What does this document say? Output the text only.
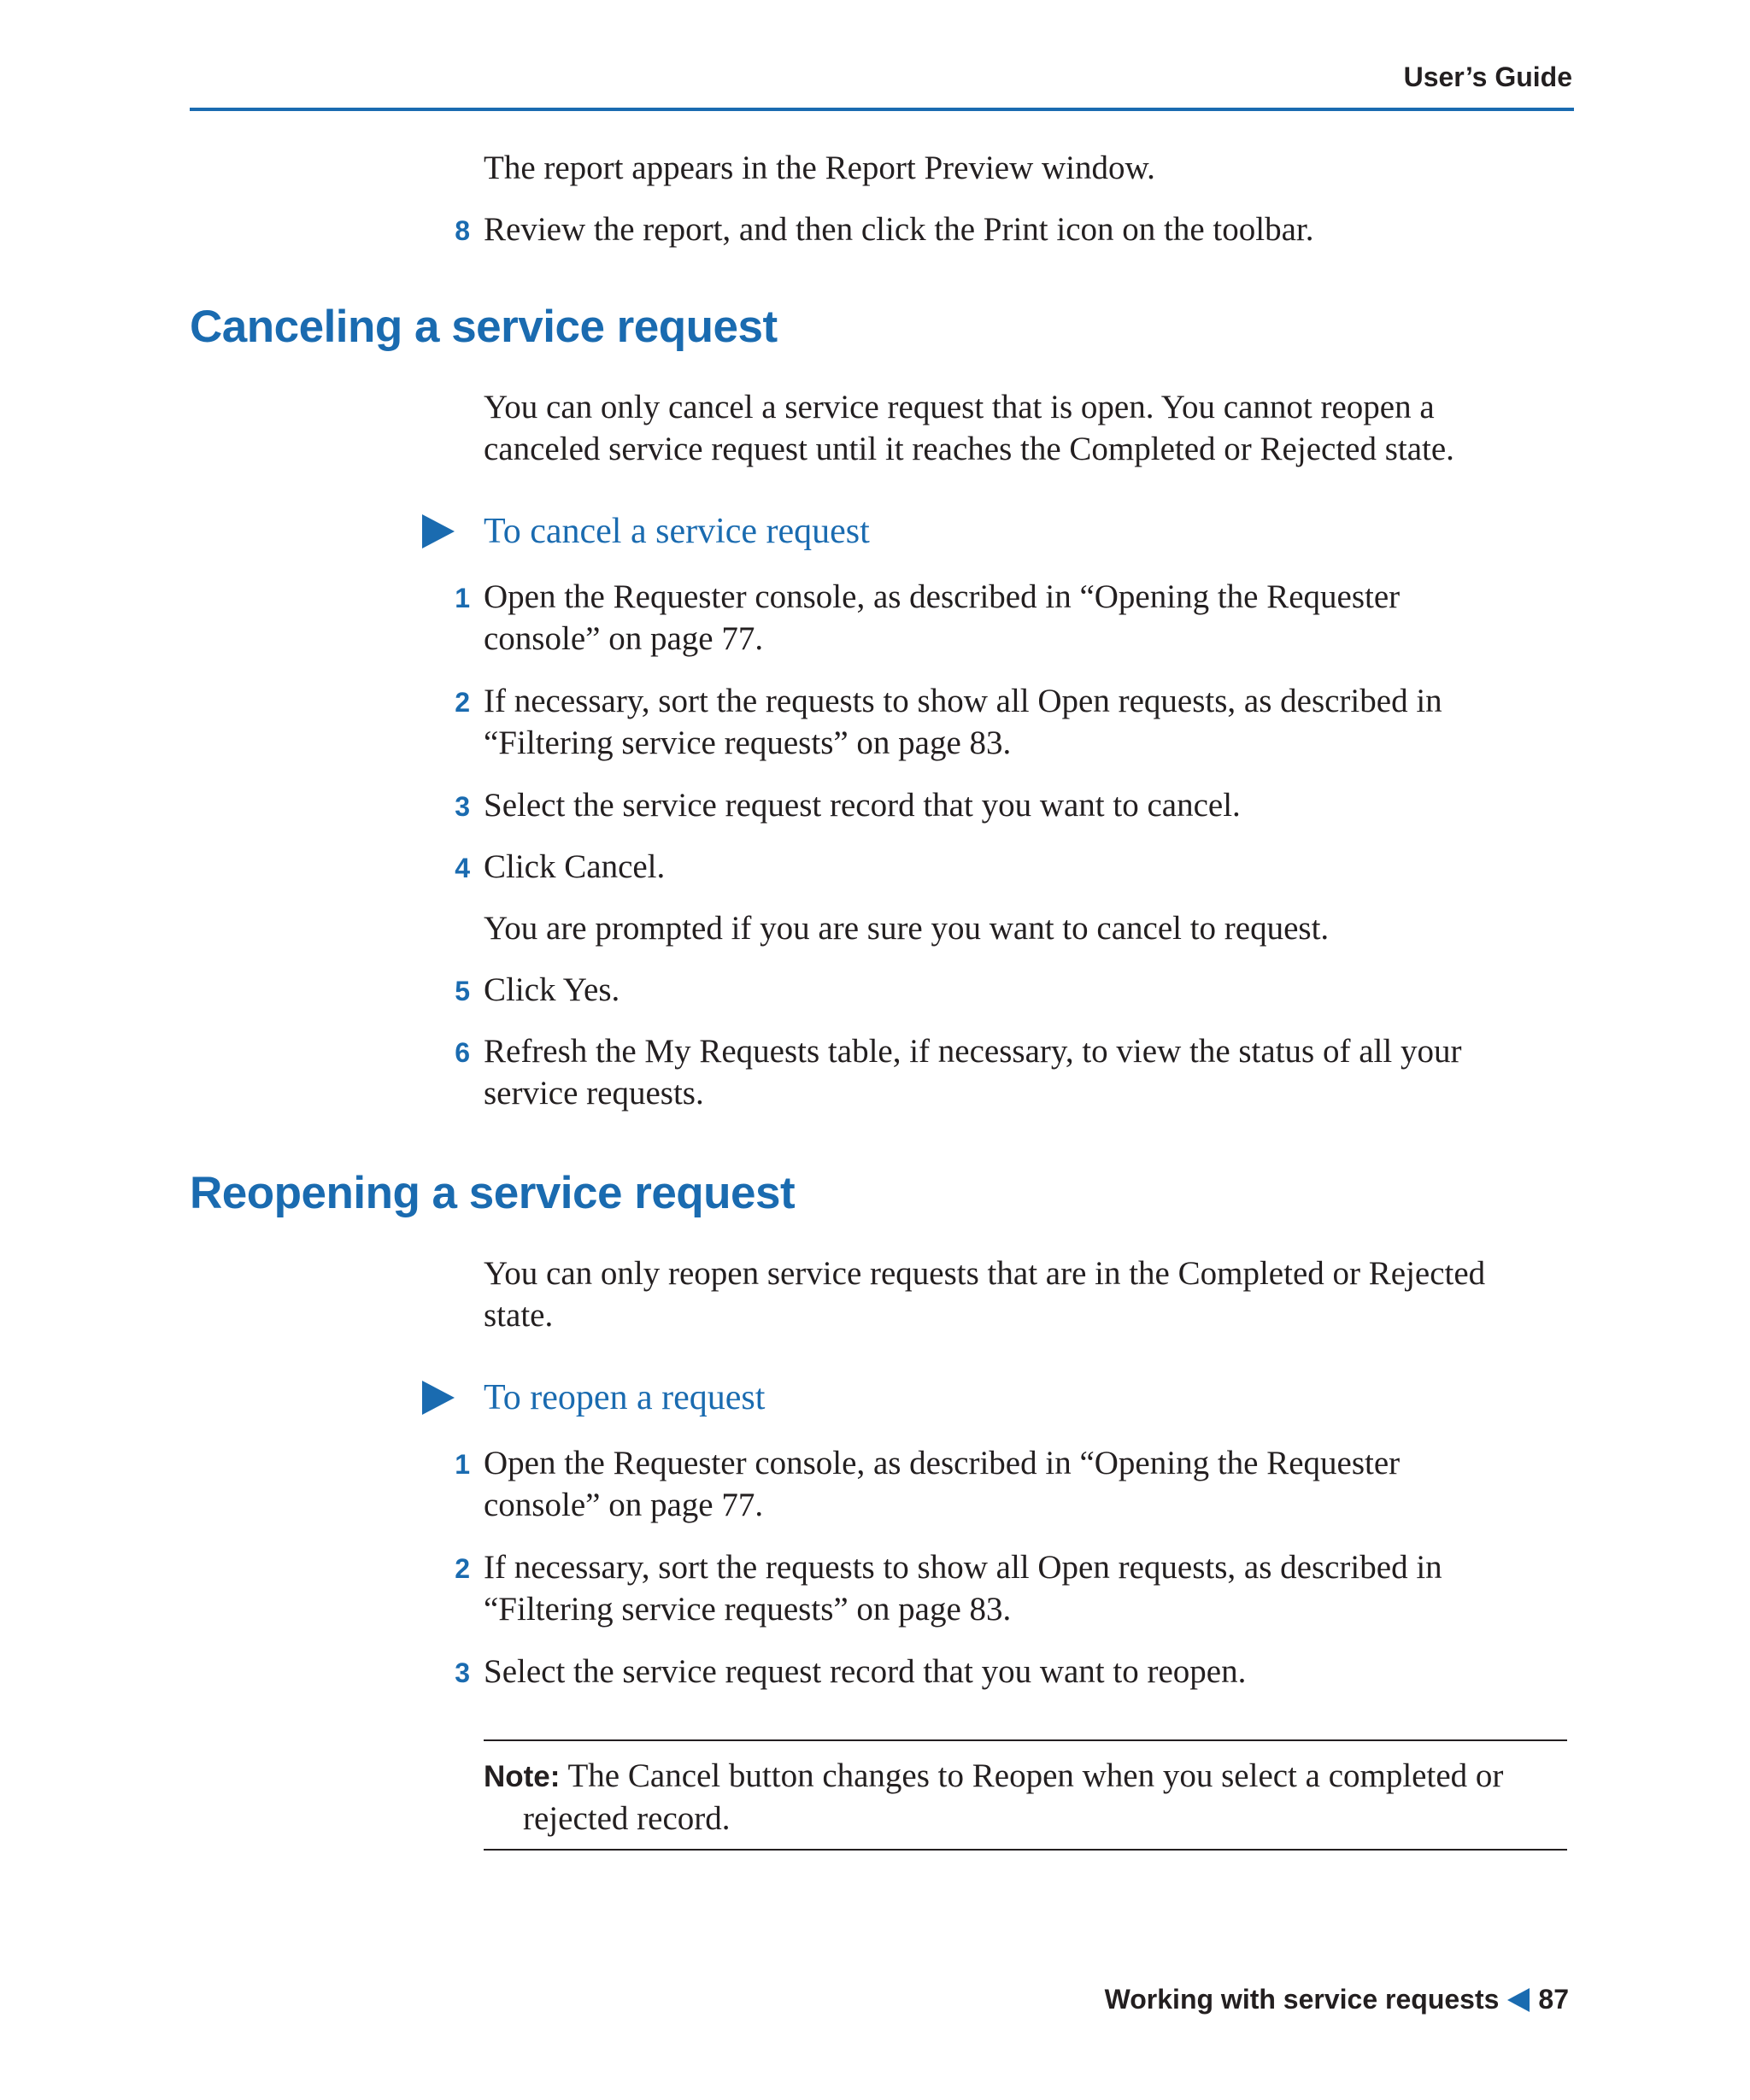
User’s Guide
The report appears in the Report Preview window.
8 Review the report, and then click the Print icon on the toolbar.
Canceling a service request
You can only cancel a service request that is open. You cannot reopen a
canceled service request until it reaches the Completed or Rejected state.
To cancel a service request
1 Open the Requester console, as described in “Opening the Requester
console” on page 77.
2 If necessary, sort the requests to show all Open requests, as described in
“Filtering service requests” on page 83.
3 Select the service request record that you want to cancel.
4 Click Cancel.
You are prompted if you are sure you want to cancel to request.
5 Click Yes.
6 Refresh the My Requests table, if necessary, to view the status of all your
service requests.
Reopening a service request
You can only reopen service requests that are in the Completed or Rejected
state.
To reopen a request
1 Open the Requester console, as described in “Opening the Requester
console” on page 77.
2 If necessary, sort the requests to show all Open requests, as described in
“Filtering service requests” on page 83.
3 Select the service request record that you want to reopen.
Note: The Cancel button changes to Reopen when you select a completed or
rejected record.
Working with service requests 87
